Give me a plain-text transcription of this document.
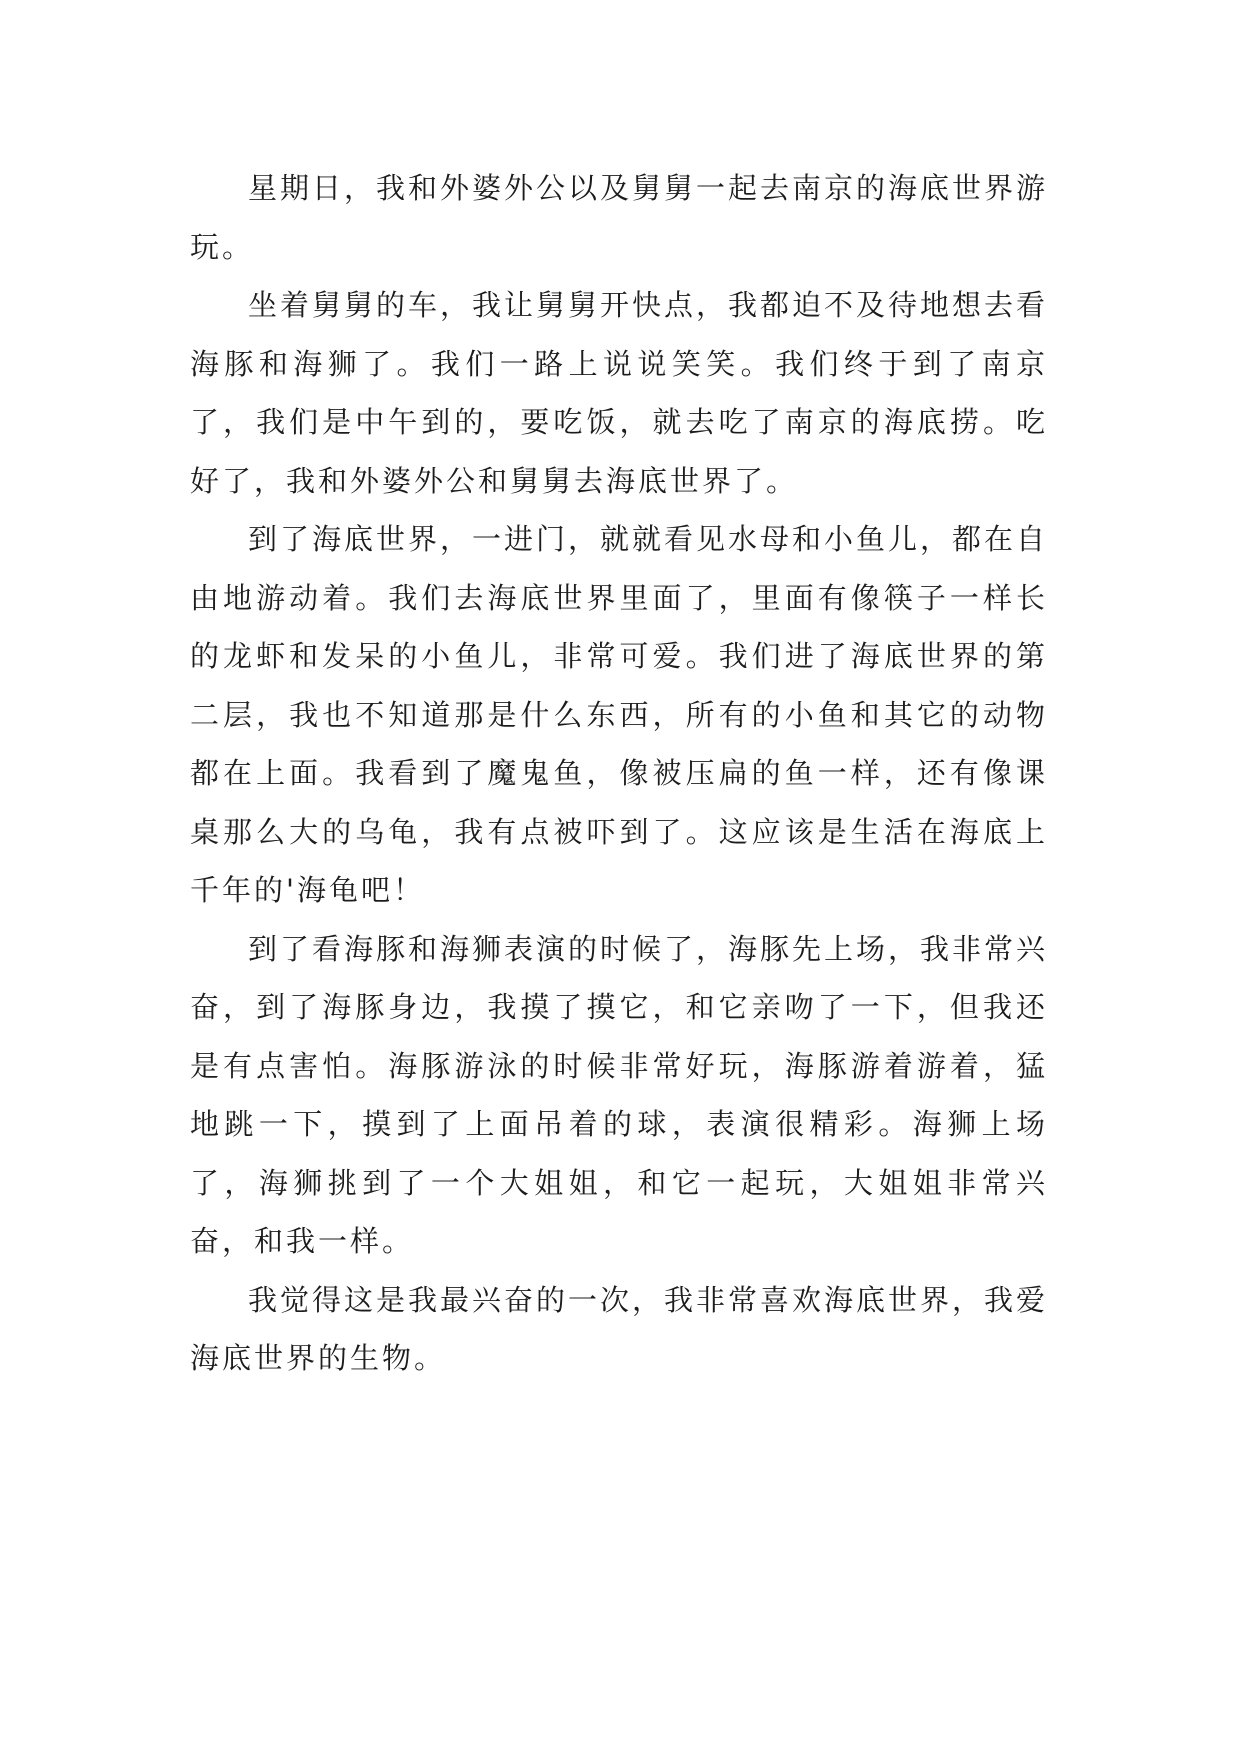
星期日，我和外婆外公以及舅舅一起去南京的海底世界游玩。

坐着舅舅的车，我让舅舅开快点，我都迫不及待地想去看海豚和海狮了。我们一路上说说笑笑。我们终于到了南京了，我们是中午到的，要吃饭，就去吃了南京的海底捞。吃好了，我和外婆外公和舅舅去海底世界了。

到了海底世界，一进门，就就看见水母和小鱼儿，都在自由地游动着。我们去海底世界里面了，里面有像筷子一样长的龙虾和发呆的小鱼儿，非常可爱。我们进了海底世界的第二层，我也不知道那是什么东西，所有的小鱼和其它的动物都在上面。我看到了魔鬼鱼，像被压扁的鱼一样，还有像课桌那么大的乌龟，我有点被吓到了。这应该是生活在海底上千年的'海龟吧！

到了看海豚和海狮表演的时候了，海豚先上场，我非常兴奋，到了海豚身边，我摸了摸它，和它亲吻了一下，但我还是有点害怕。海豚游泳的时候非常好玩，海豚游着游着，猛地跳一下，摸到了上面吊着的球，表演很精彩。海狮上场了，海狮挑到了一个大姐姐，和它一起玩，大姐姐非常兴奋，和我一样。

我觉得这是我最兴奋的一次，我非常喜欢海底世界，我爱海底世界的生物。
